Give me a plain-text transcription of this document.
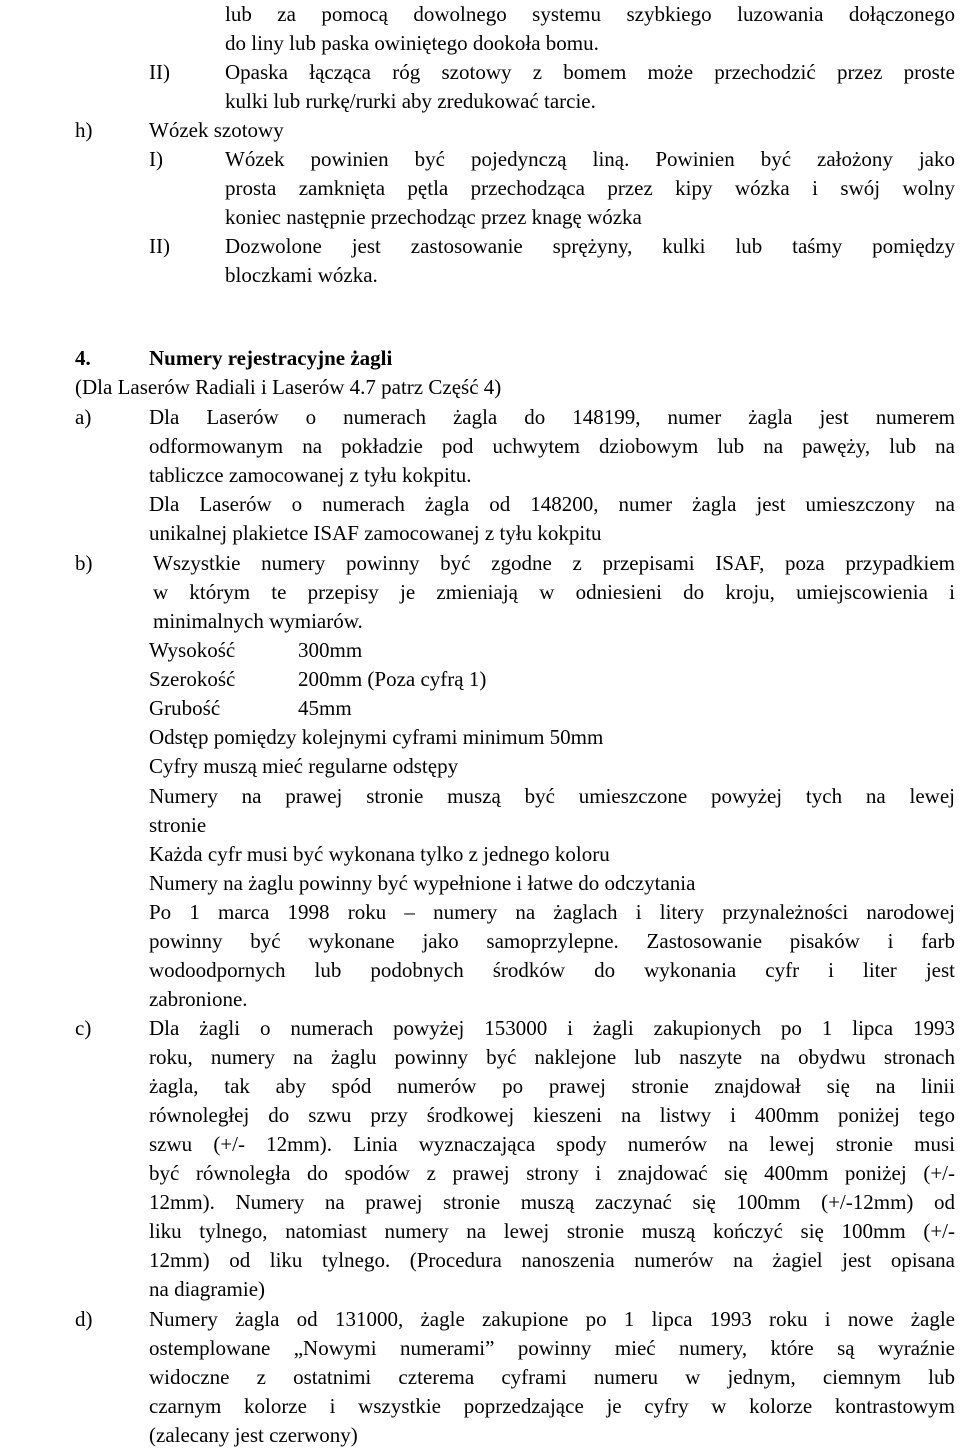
lub za pomocą dowolnego systemu szybkiego luzowania dołączonego
do liny lub paska owiniętego dookoła bomu.
II)	Opaska łącząca róg szotowy z bomem może przechodzić przez proste
kulki lub rurkę/rurki aby zredukować tarcie.
h)	Wózek szotowy
I)	Wózek powinien być pojedynczą liną. Powinien być założony jako
prosta zamknięta pętla przechodząca przez kipy wózka i swój wolny
koniec następnie przechodząc przez knagę wózka
II)	Dozwolone jest zastosowanie sprężyny, kulki lub taśmy pomiędzy
bloczkami wózka.
4.	Numery rejestracyjne żagli
(Dla Laserów Radiali i Laserów 4.7 patrz Część 4)
a)	Dla Laserów o numerach żagla do 148199, numer żagla jest numerem
odformowanym na pokładzie pod uchwytem dziobowym lub na pawęży, lub na
tabliczce zamocowanej z tyłu kokpitu.
Dla Laserów o numerach żagla od 148200, numer żagla jest umieszczony na
unikalnej plakietce ISAF zamocowanej z tyłu kokpitu
b)	Wszystkie numery powinny być zgodne z przepisami ISAF, poza przypadkiem
w którym te przepisy je zmieniają w odniesieni do kroju, umiejscowienia i
minimalnych wymiarów.
Wysokość	300mm
Szerokość	200mm (Poza cyfrą 1)
Grubość	45mm
Odstęp pomiędzy kolejnymi cyframi minimum 50mm
Cyfry muszą mieć regularne odstępy
Numery na prawej stronie muszą być umieszczone powyżej tych na lewej
stronie
Każda cyfr musi być wykonana tylko z jednego koloru
Numery na żaglu powinny być wypełnione i łatwe do odczytania
Po 1 marca 1998 roku – numery na żaglach i litery przynależności narodowej
powinny być wykonane jako samoprzylepne. Zastosowanie pisaków i farb
wodoodpornych lub podobnych środków do wykonania cyfr i liter jest
zabronione.
c)	Dla żagli o numerach powyżej 153000 i żagli zakupionych po 1 lipca 1993
roku, numery na żaglu powinny być naklejone lub naszyte na obydwu stronach
żagla, tak aby spód numerów po prawej stronie znajdował się na linii
równoległej do szwu przy środkowej kieszeni na listwy i 400mm poniżej tego
szwu (+/- 12mm). Linia wyznaczająca spody numerów na lewej stronie musi
być równoległa do spodów z prawej strony i znajdować się 400mm poniżej (+/-
12mm). Numery na prawej stronie muszą zaczynać się 100mm (+/-12mm) od
liku tylnego, natomiast numery na lewej stronie muszą kończyć się 100mm (+/-
12mm) od liku tylnego. (Procedura nanoszenia numerów na żagiel jest opisana
na diagramie)
d)	Numery żagla od 131000, żagle zakupione po 1 lipca 1993 roku i nowe żagle
ostemplowane „Nowymi numerami” powinny mieć numery, które są wyraźnie
widoczne z ostatnimi czterema cyframi numeru w jednym, ciemnym lub
czarnym kolorze i wszystkie poprzedzające je cyfry w kolorze kontrastowym
(zalecany jest czerwony)
